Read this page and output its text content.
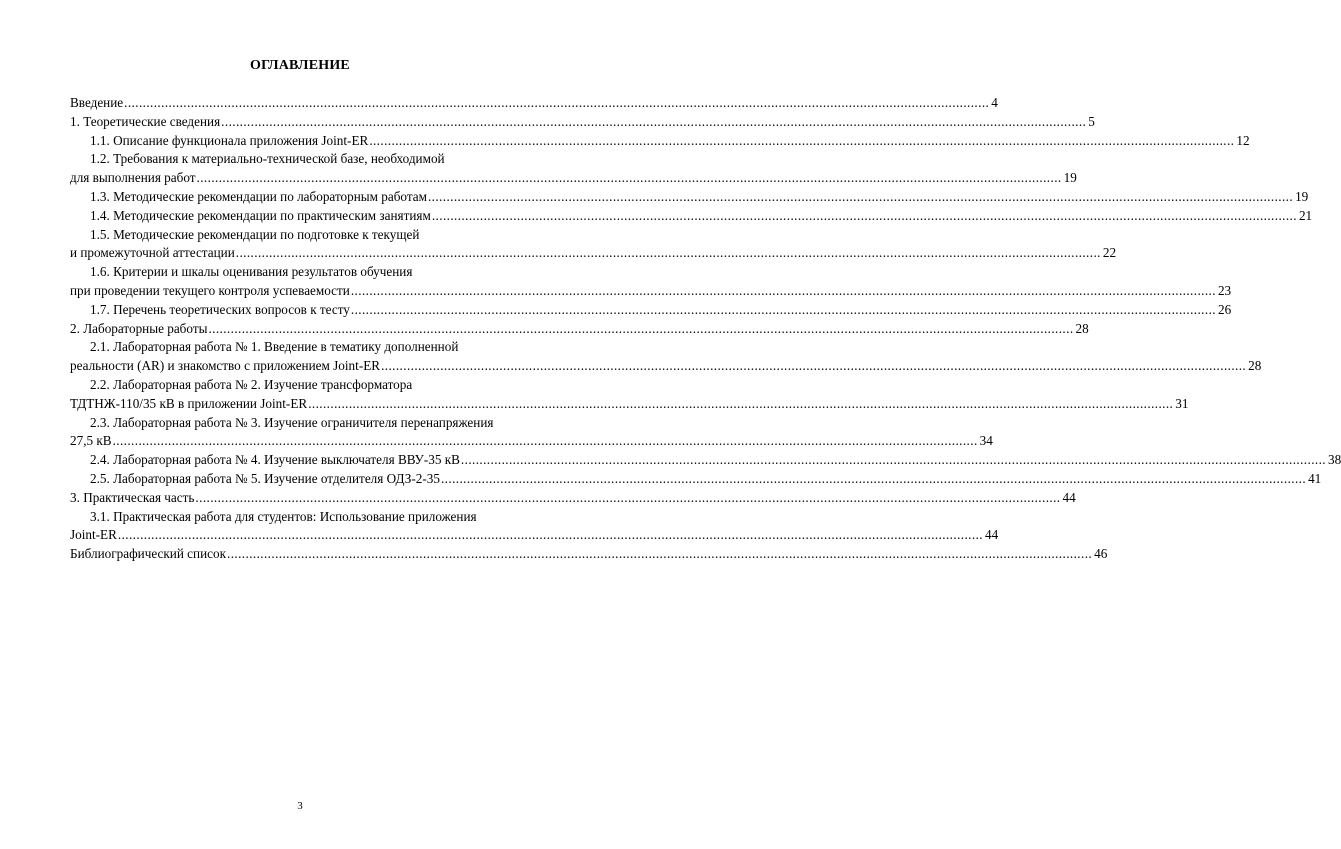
ОГЛАВЛЕНИЕ
Введение .....	4
1. Теоретические сведения .....	5
1.1. Описание функционала приложения Joint-ER .....	12
1.2. Требования к материально-технической базе, необходимой
для выполнения работ .....	19
1.3. Методические рекомендации по лабораторным работам .....	19
1.4. Методические рекомендации по практическим занятиям .....	21
1.5. Методические рекомендации по подготовке к текущей
и промежуточной аттестации .....	22
1.6. Критерии и шкалы оценивания результатов обучения
при проведении текущего контроля успеваемости .....	23
1.7. Перечень теоретических вопросов к тесту .....	26
2. Лабораторные работы .....	28
2.1. Лабораторная работа № 1. Введение в тематику дополненной
реальности (AR) и знакомство с приложением Joint-ER .....	28
2.2. Лабораторная работа № 2. Изучение трансформатора
ТДТНЖ-110/35 кВ в приложении Joint-ER .....	31
2.3. Лабораторная работа № 3. Изучение ограничителя перенапряжения
27,5 кВ .....	34
2.4. Лабораторная работа № 4. Изучение выключателя ВВУ-35 кВ .....	38
2.5. Лабораторная работа № 5. Изучение отделителя ОДЗ-2-35 .....	41
3. Практическая часть .....	44
3.1. Практическая работа для студентов: Использование приложения
Joint-ER .....	44
Библиографический список .....	46
3
